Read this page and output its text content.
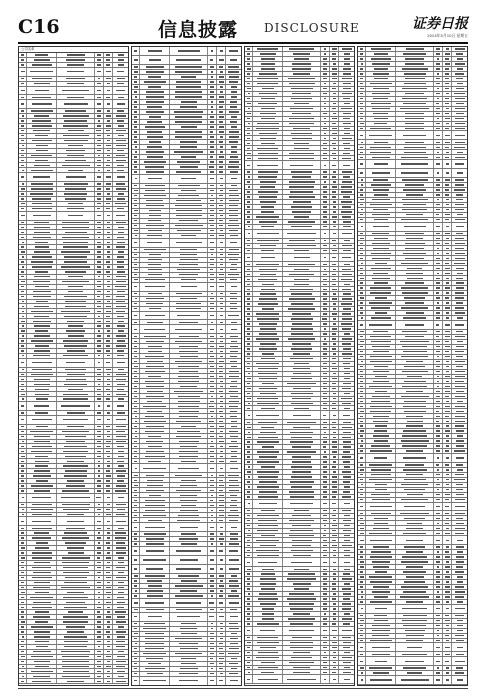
C16	信息披露 DISCLOSURE	证券日报
2024年5月10日 星期五
公司名单
